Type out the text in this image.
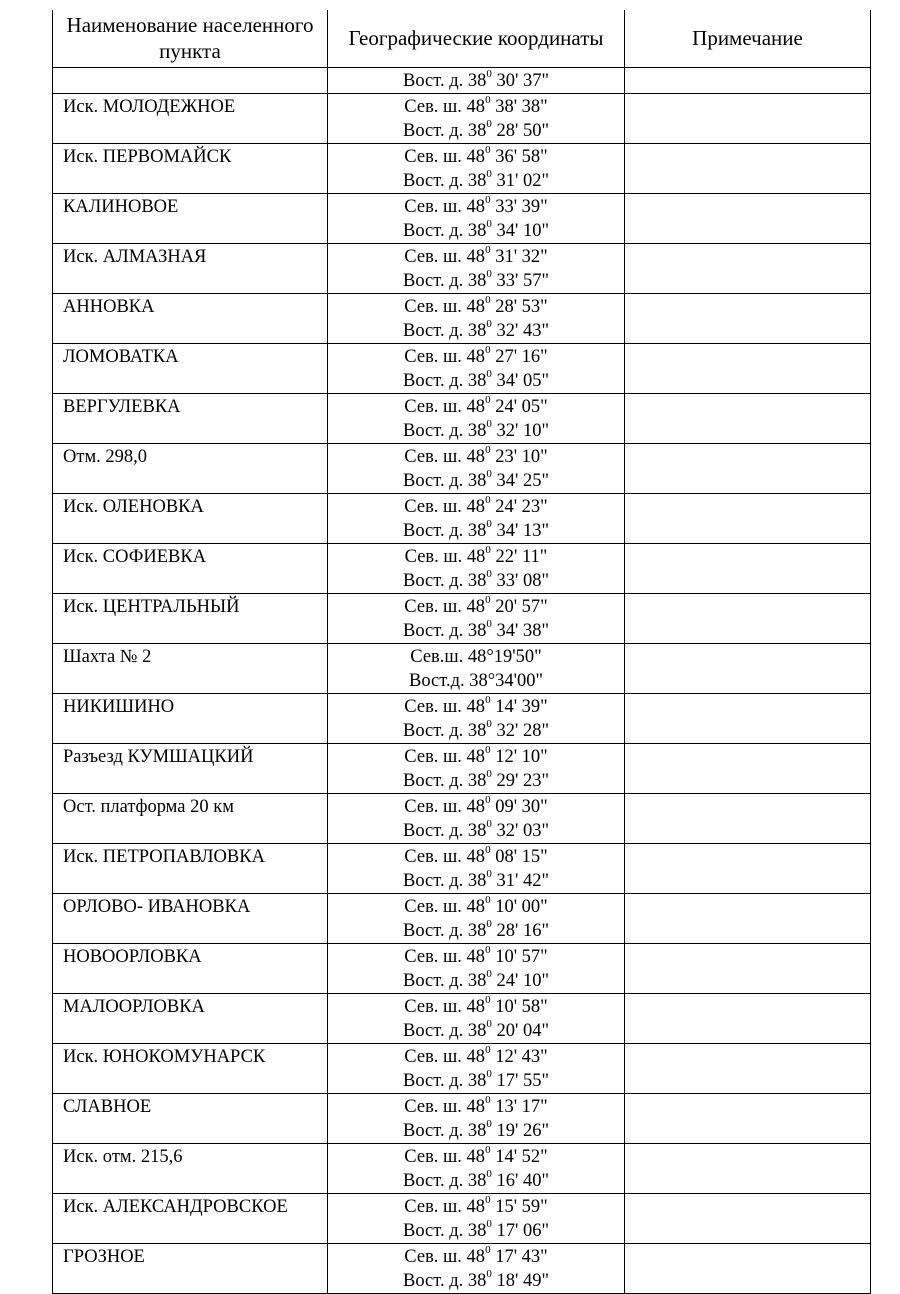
Наименование населенного пункта	Географические координаты	Примечание
	Вост. д. $38^0$ 30' 37"	
Иск. МОЛОДЕЖНОЕ	Сев. ш. $48^0$ 38' 38"
Вост. д. $38^0$ 28' 50"	

Иск. ПЕРВОМАЙСК	Сев. ш. $48^0$ 36' 58"
Вост. д. $38^0$ 31' 02"	

КАЛИНОВОЕ	Сев. ш. $48^0$ 33' 39"
Вост. д. $38^0$ 34' 10"	

Иск. АЛМАЗНАЯ	Сев. ш. $48^0$ 31' 32"
Вост. д. $38^0$ 33' 57"	

АННОВКА	Сев. ш. $48^0$ 28' 53"
Вост. д. $38^0$ 32' 43"	

ЛОМОВАТКА	Сев. ш. $48^0$ 27' 16"
Вост. д. $38^0$ 34' 05"	

ВЕРГУЛЕВКА	Сев. ш. $48^0$ 24' 05"
Вост. д. $38^0$ 32' 10"	

Отм. 298,0	Сев. ш. $48^0$ 23' 10"
Вост. д. $38^0$ 34' 25"	

Иск. ОЛЕНОВКА	Сев. ш. $48^0$ 24' 23"
Вост. д. $38^0$ 34' 13"	

Иск. СОФИЕВКА	Сев. ш. $48^0$ 22' 11"
Вост. д. $38^0$ 33' 08"	

Иск. ЦЕНТРАЛЬНЫЙ	Сев. ш. $48^0$ 20' 57"
Вост. д. $38^0$ 34' 38"	

Шахта № 2	Сев.ш. 48°19'50"
Вост.д. 38°34'00"	

НИКИШИНО	Сев. ш. $48^0$ 14' 39"
Вост. д. $38^0$ 32' 28"	

Разъезд КУМШАЦКИЙ	Сев. ш. $48^0$ 12' 10"
Вост. д. $38^0$ 29' 23"	

Ост. платформа 20 км	Сев. ш. $48^0$ 09' 30"
Вост. д. $38^0$ 32' 03"	

Иск. ПЕТРОПАВЛОВКА	Сев. ш. $48^0$ 08' 15"
Вост. д. $38^0$ 31' 42"	

ОРЛОВО- ИВАНОВКА	Сев. ш. $48^0$ 10' 00"
Вост. д. $38^0$ 28' 16"	

НОВООРЛОВКА	Сев. ш. $48^0$ 10' 57"
Вост. д. $38^0$ 24' 10"	

МАЛООРЛОВКА	Сев. ш. $48^0$ 10' 58"
Вост. д. $38^0$ 20' 04"	

Иск. ЮНОКОМУНАРСК	Сев. ш. $48^0$ 12' 43"
Вост. д. $38^0$ 17' 55"	

СЛАВНОЕ	Сев. ш. $48^0$ 13' 17"
Вост. д. $38^0$ 19' 26"	

Иск. отм. 215,6	Сев. ш. $48^0$ 14' 52"
Вост. д. $38^0$ 16' 40"	

Иск. АЛЕКСАНДРОВСКОЕ	Сев. ш. $48^0$ 15' 59"
Вост. д. $38^0$ 17' 06"	

ГРОЗНОЕ	Сев. ш. $48^0$ 17' 43"
Вост. д. $38^0$ 18' 49"	
